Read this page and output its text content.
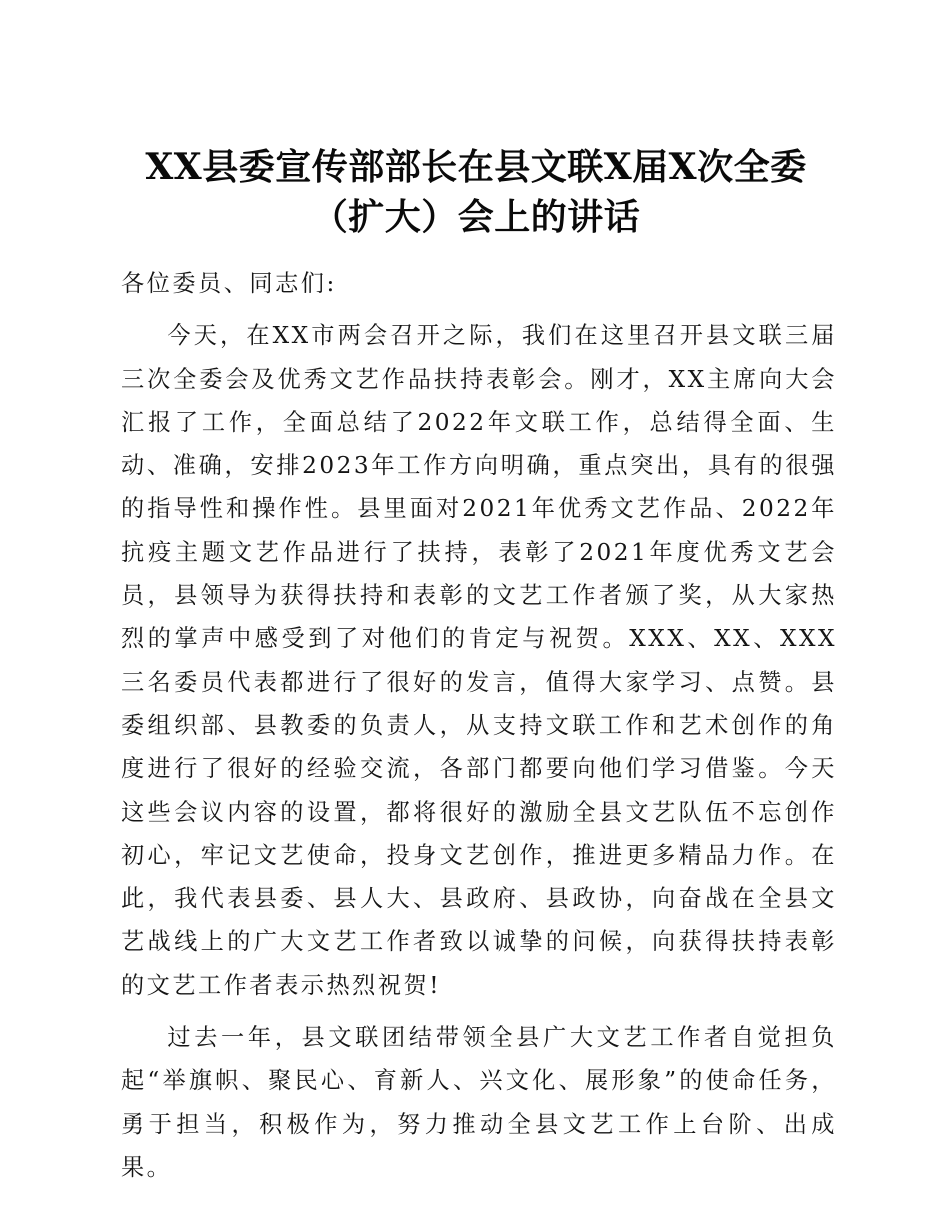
XX县委宣传部部长在县文联X届X次全委（扩大）会上的讲话

各位委员、同志们:

今天，在XX市两会召开之际，我们在这里召开县文联三届三次全委会及优秀文艺作品扶持表彰会。刚才，XX主席向大会汇报了工作，全面总结了2022年文联工作，总结得全面、生动、准确，安排2023年工作方向明确，重点突出，具有的很强的指导性和操作性。县里面对2021年优秀文艺作品、2022年抗疫主题文艺作品进行了扶持，表彰了2021年度优秀文艺会员，县领导为获得扶持和表彰的文艺工作者颁了奖，从大家热烈的掌声中感受到了对他们的肯定与祝贺。XXX、XX、XXX三名委员代表都进行了很好的发言，值得大家学习、点赞。县委组织部、县教委的负责人，从支持文联工作和艺术创作的角度进行了很好的经验交流，各部门都要向他们学习借鉴。今天这些会议内容的设置，都将很好的激励全县文艺队伍不忘创作初心，牢记文艺使命，投身文艺创作，推进更多精品力作。在此，我代表县委、县人大、县政府、县政协，向奋战在全县文艺战线上的广大文艺工作者致以诚挚的问候，向获得扶持表彰的文艺工作者表示热烈祝贺!

过去一年，县文联团结带领全县广大文艺工作者自觉担负起“举旗帜、聚民心、育新人、兴文化、展形象”的使命任务，勇于担当，积极作为，努力推动全县文艺工作上台阶、出成果。
